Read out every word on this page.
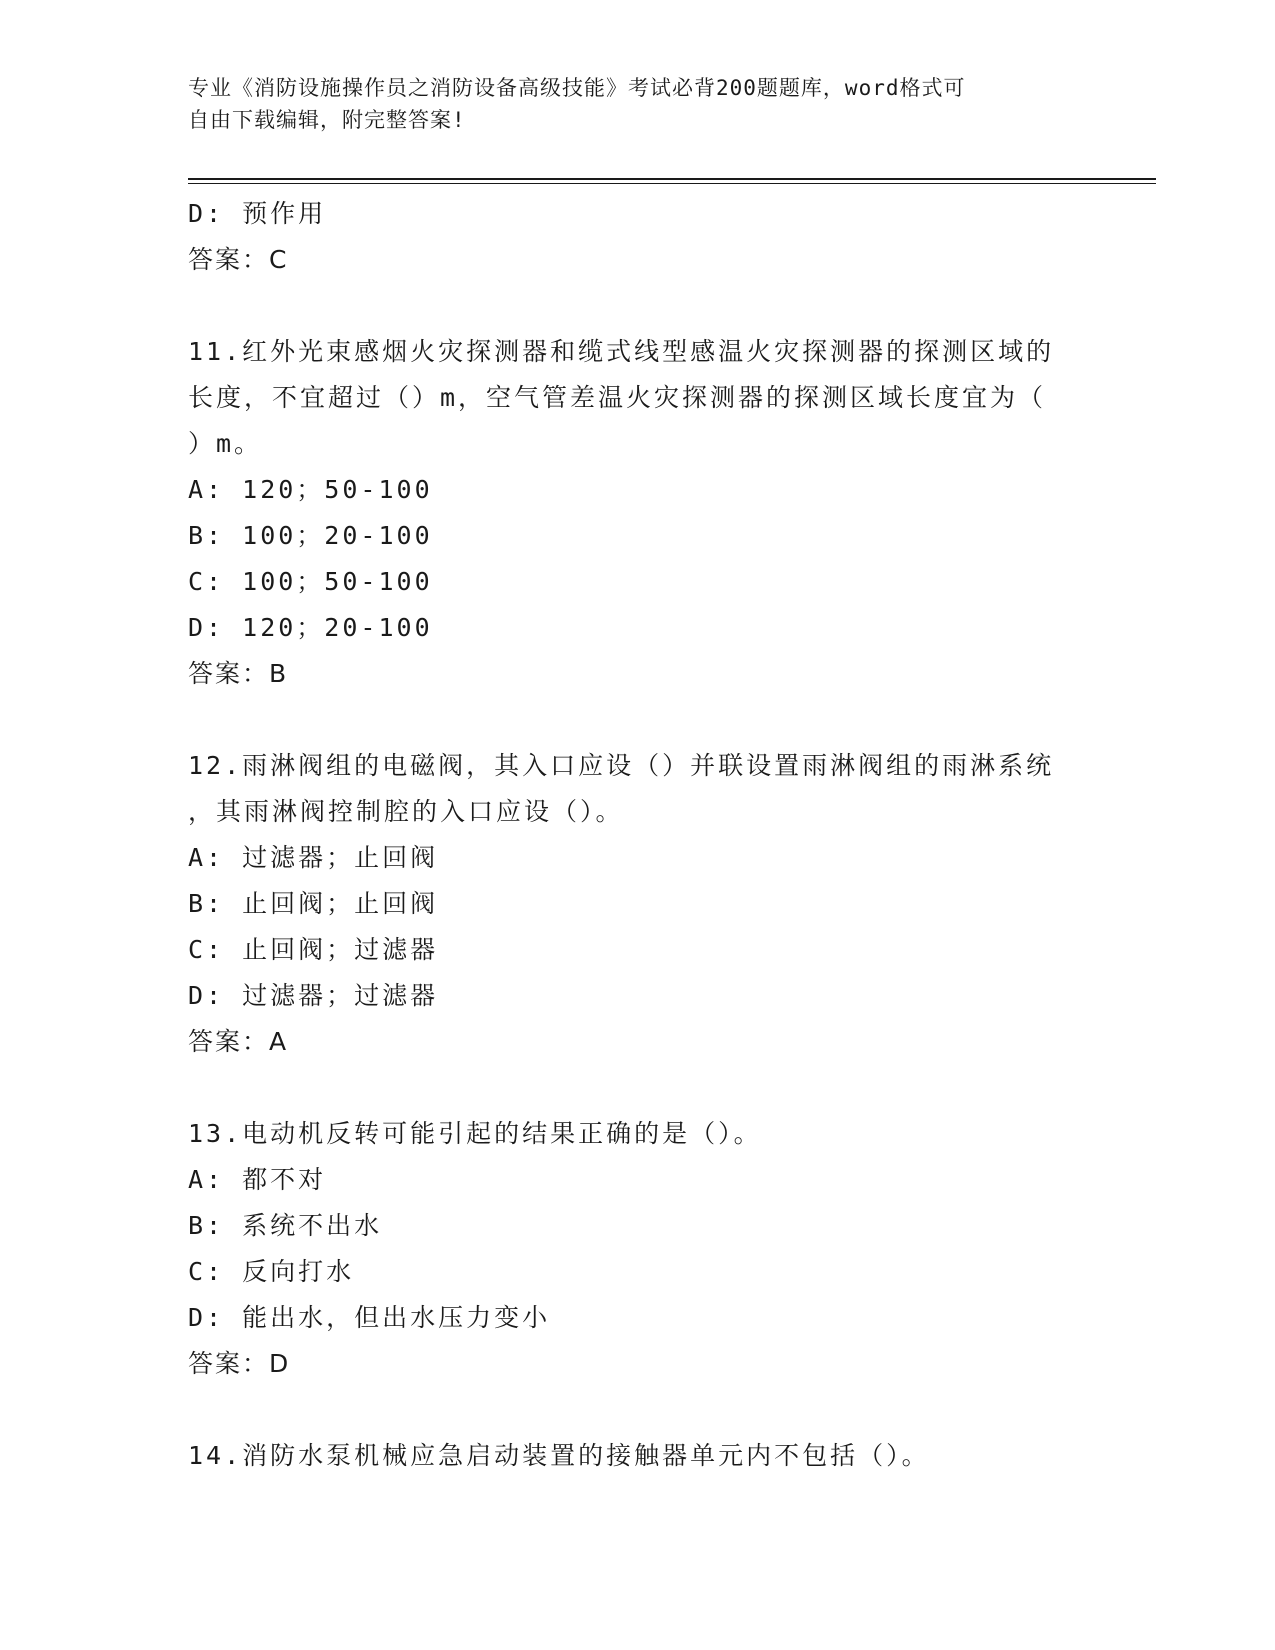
专业《消防设施操作员之消防设备高级技能》考试必背200题题库，word格式可
自由下载编辑，附完整答案!
D: 预作用
答案：C
11.红外光束感烟火灾探测器和缆式线型感温火灾探测器的探测区域的
长度，不宜超过（）m，空气管差温火灾探测器的探测区域长度宜为（
）m。
A: 120；50-100
B: 100；20-100
C: 100；50-100
D: 120；20-100
答案：B
12.雨淋阀组的电磁阀，其入口应设（）并联设置雨淋阀组的雨淋系统
，其雨淋阀控制腔的入口应设（）。
A: 过滤器；止回阀
B: 止回阀；止回阀
C: 止回阀；过滤器
D: 过滤器；过滤器
答案：A
13.电动机反转可能引起的结果正确的是（）。
A: 都不对
B: 系统不出水
C: 反向打水
D: 能出水，但出水压力变小
答案：D
14.消防水泵机械应急启动装置的接触器单元内不包括（）。
